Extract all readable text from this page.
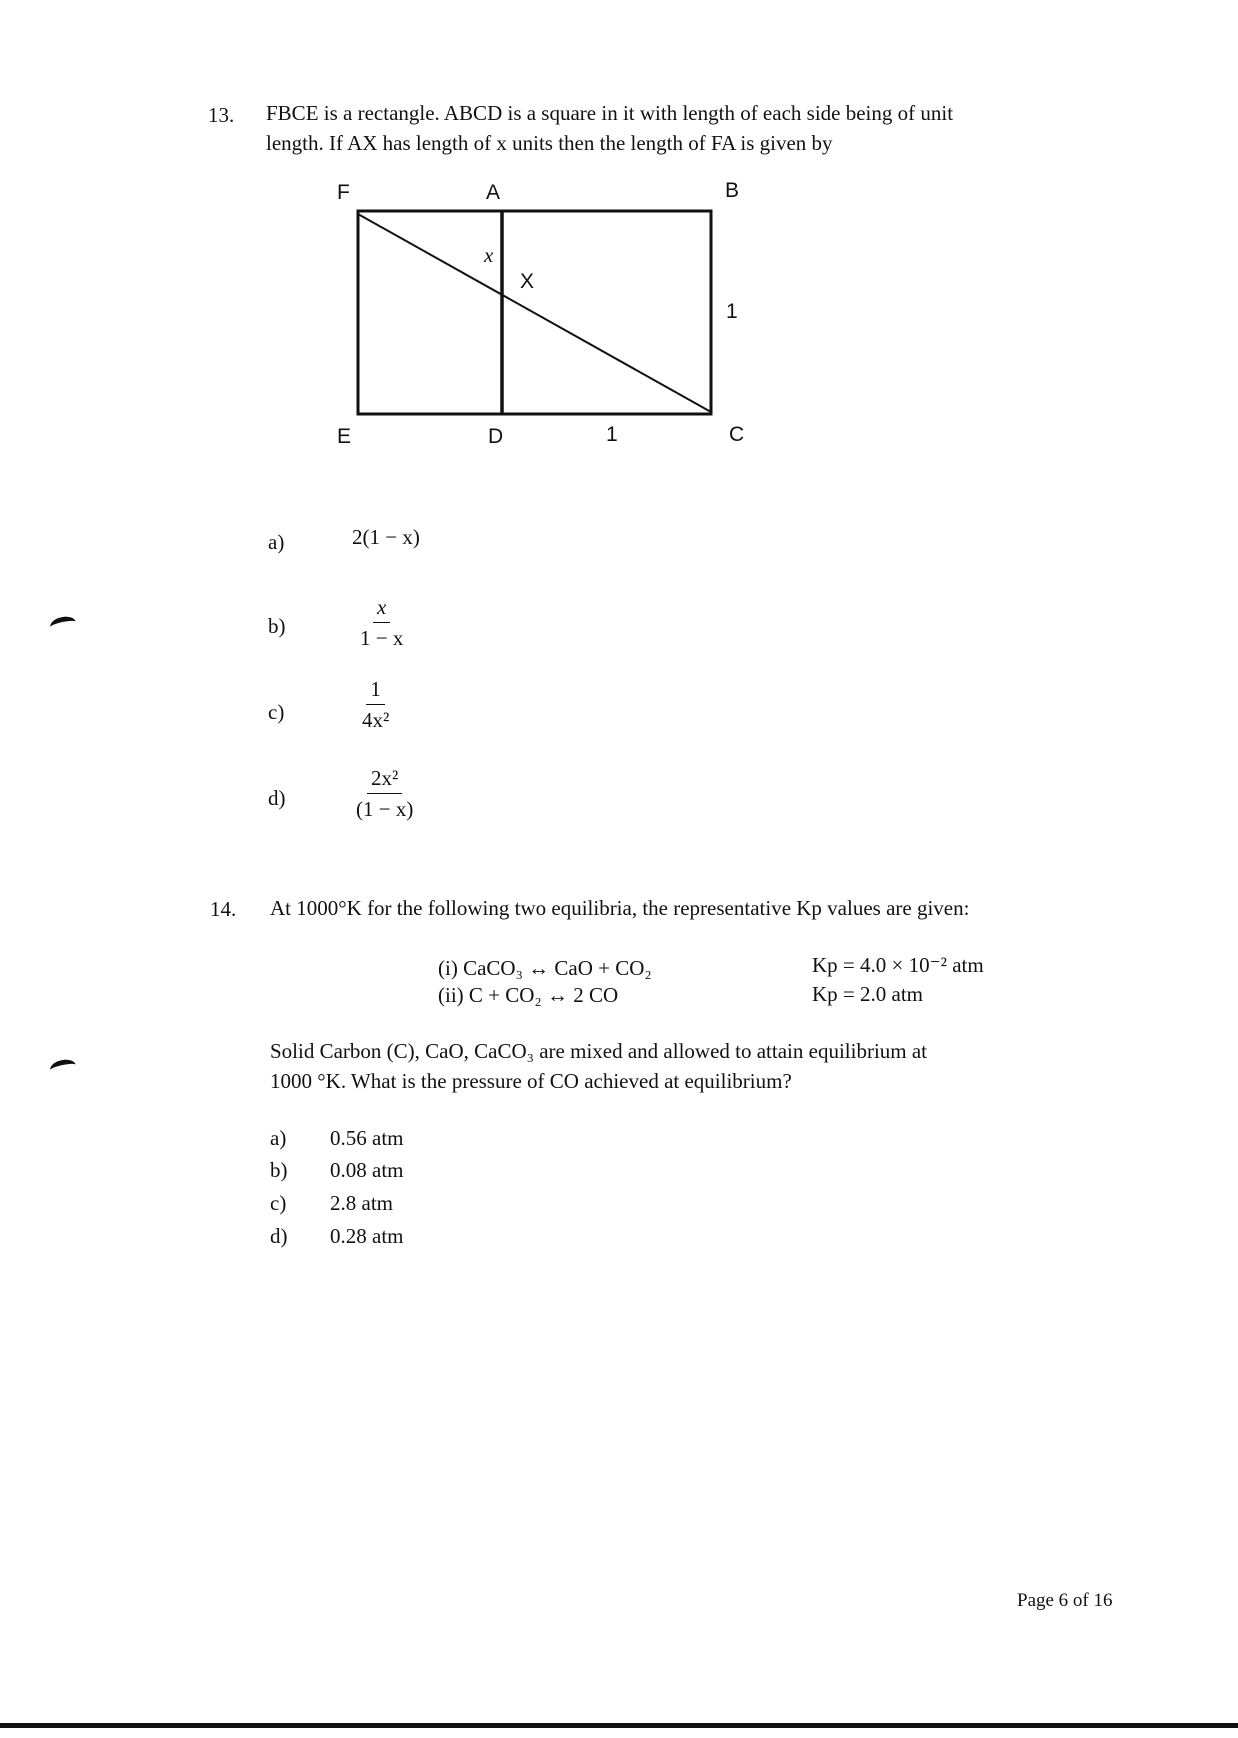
13. FBCE is a rectangle. ABCD is a square in it with length of each side being of unit
length. If AX has length of x units then the length of FA is given by
F	A	B
E	D	C
X
x
1
1
a)	2(1 − x)
b)	$\frac{x}{1 - x}$
c)	$\frac{1}{\text{4x²}}$
d)	$\frac{\text{2x²}}{(1 - x)}$
14. At 1000°K for the following two equilibria, the representative Kp values are given:
(i) CaCO₃ ↔ CaO + CO₂	Kp = 4.0 × 10⁻² atm
(ii) C + CO₂ ↔ 2 CO	Kp = 2.0 atm
Solid Carbon (C), CaO, CaCO₃ are mixed and allowed to attain equilibrium at
1000 °K. What is the pressure of CO achieved at equilibrium?
a) 0.56 atm
b) 0.08 atm
c) 2.8 atm
d) 0.28 atm
Page 6 of 16
